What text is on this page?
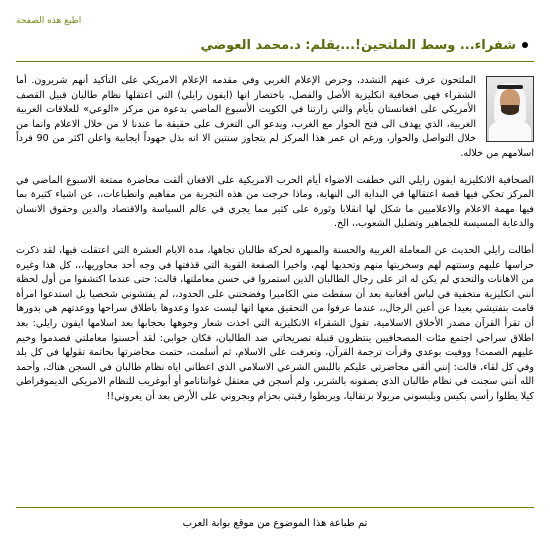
اطبع هذه الصفحة
شفراء... وسط الملتحين!...يقلم: د.محمد العوضي

الملتحون عرف عنهم التشدد، وحرص الإعلام الغربي وفي مقدمه الإعلام الامريكي على التأكيد أنهم شريرون. أما الشقراء فهي صحافية انكليزية الأصل والفصل، باختصار انها (ايفون رايلي) التي اعتقلها نظام طالبان قبيل القصف الأمريكي على افغانستان بأيام والتي زارتنا في الكويت الأسبوع الماضي بدعوة من مركز «الوعي» للعلاقات العربية الغربية، الذي يهدف الى فتح الحوار مع الغرب، ويدعو الى التعرف على حقيقة ما عندنا لا من خلال الاعلام وانما من خلال التواصل والحوار، ورغم ان عمر هذا المركز لم يتجاوز سنتين الا انه بذل جهوداً ايجابية واعلن اكثر من 90 فرداً اسلامهم من خلاله.

الصحافية الانكليزية ايفون رايلي التي خطفت الاضواء أيام الحرب الامريكية على الافغان ألقت محاضرة ممتعة الاسبوع الماضي في المركز تحكي فيها قصة اعتقالها في البداية الى النهاية، وماذا خرجت من هذه التجربة من مفاهيم وانطباعات،، عن اشياء كثيرة بما فيها مهمة الاعلام والاعلاميين ما شكل لها انقلابا وثورة على كثير مما يجري في عالم السياسة والاقتصاد والدين وحقوق الانسان والدعاية المسيسة للجماهير وتضليل الشعوب،، الخ.

أطالت رايلي الحديث عن المعاملة الغربية والحسنة والمبهرة لحركة طالبان تجاهها، مدة الايام العشرة التي اعتقلت فيها، لقد ذكرت حراسها عليهم وسنتهم لهم وسخريتها منهم وتحديها لهم، واخيرا الصفعة القوية التي قذفتها في وجه أحد محاوريها،،، كل هذا وغيره من الاهانات والتحدي لم يكن له اثر على رجال الطالبان الذين استمروا في حسن معاملتها، قالت: حتى عندما اكتشفوا من أول لحظة أنني انكليزية متخفية في لباس أفغانية بعد أن سقطت مني الكاميرا وفضحتني على الحدود،، لم يفتشوني شخصيا بل استدعوا امرأة قامت بتفتيشي بعيدا عن أعين الرجال،، عندما عرفوا من التحقيق معها انها ليست عدوا وعدوها باطلاق سراحها ووعدتهم هي بدورها أن تقرأ القرآن مصدر الأخلاق الاسلامية، تقول الشقراء الانكليزية التي اخذت شعار وجوهها بحجابها بعد اسلامها ايفون رايلي: بعد اطلاق سراحي اجتمع مئات المصحافيين ينتظرون قنبلة تصريحاتي ضد الطالبان، فكان جوابي: لقد أحسنوا معاملتي فصدموا وخيم عليهم الصمت! ووفيت بوعدي وقرأت ترجمة القرآن، وتعرفت على الاسلام، ثم أسلمت، حتمت محاضرتها بحاتمة تقولها في كل بلد وفي كل لقاء، قالت: إنني ألقي محاضرتي عليكم باللبس الشرعي الاسلامي الذي اعطاني اياه نظام طالبان في السجن هناك، وأحمد الله أنني سجنت في نظام طالبان الذي يصفونه بالشرير، ولم أسجن في معتقل غوانتانامو أو أبوغريب للنظام الامريكي الديموقراطي كيلا يطلوا رأسي بكيس وبلبسوني مريولا برتقاليا، ويربطوا رقبتي بحزام ويجروني على الأرض بعد أن يعروني!!

تم طباعة هذا الموضوع من موقع بوابة العرب
